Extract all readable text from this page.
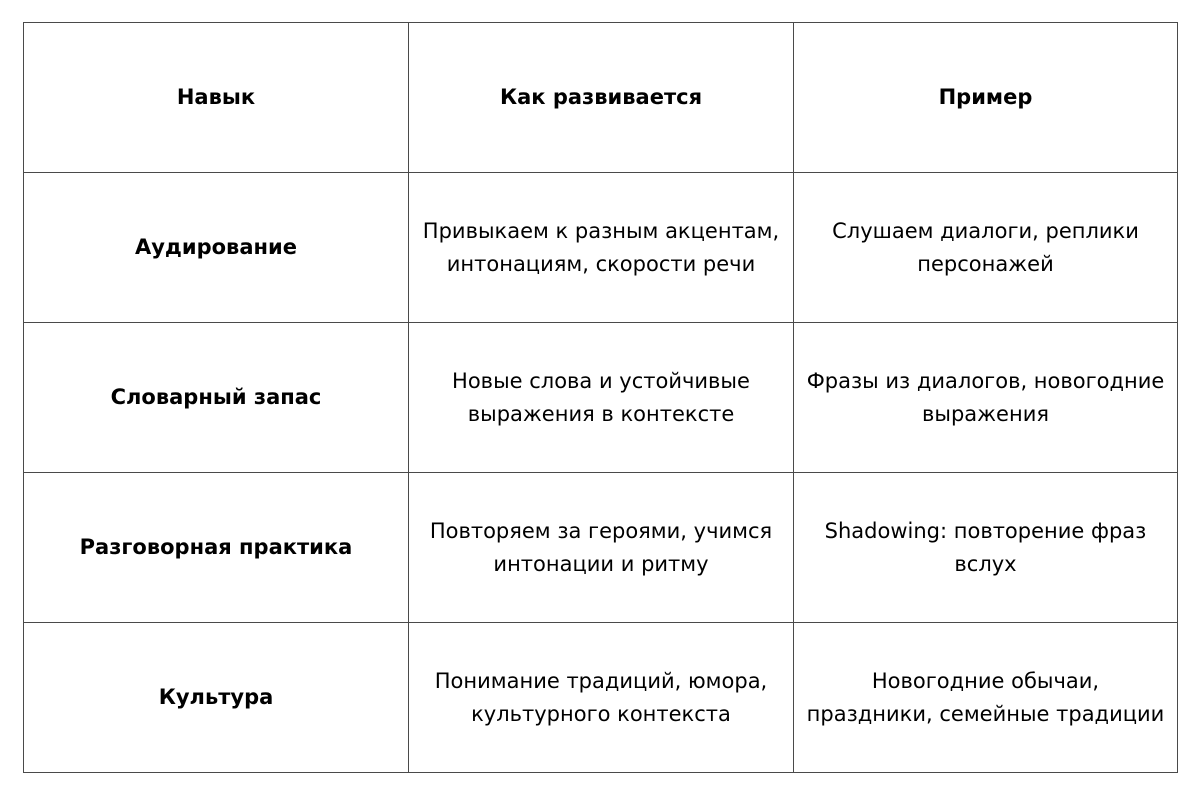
Навык	Как развивается	Пример
Аудирование	Привыкаем к разным акцентам, интонациям, скорости речи	Слушаем диалоги, реплики персонажей
Словарный запас	Новые слова и устойчивые выражения в контексте	Фразы из диалогов, новогодние выражения
Разговорная практика	Повторяем за героями, учимся интонации и ритму	Shadowing: повторение фраз вслух
Культура	Понимание традиций, юмора, культурного контекста	Новогодние обычаи, праздники, семейные традиции
